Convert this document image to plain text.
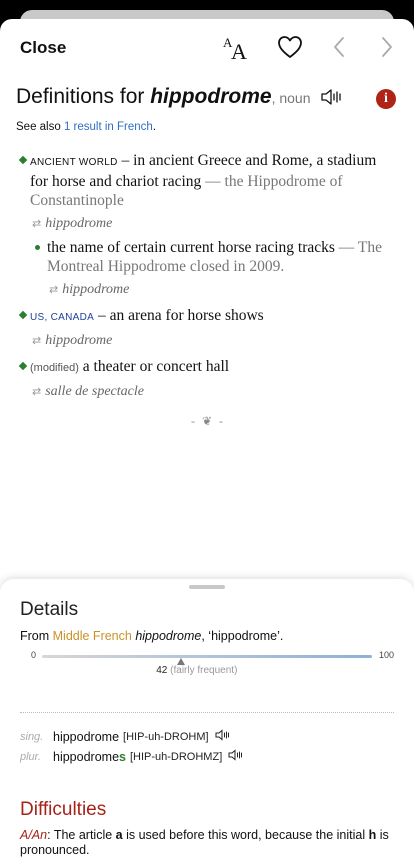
Close	A
A
Definitions for hippodrome, noun	i
See also 1 result in French.
ANCIENT WORLD – in ancient Greece and Rome, a stadium for horse and chariot racing — the Hippodrome of Constantinople
⇄ hippodrome
the name of certain current horse racing tracks — The Montreal Hippodrome closed in 2009.
⇄ hippodrome
US, CANADA – an arena for horse shows
⇄ hippodrome
(modified) a theater or concert hall
⇄ salle de spectacle
- ❦ -
Details
From Middle French hippodrome, ‘hippodrome’.
0	100
42 (fairly frequent)
sing. hippodrome [HIP-uh-DROHM]
plur. hippodromes [HIP-uh-DROHMZ]
Difficulties
A/An: The article a is used before this word, because the initial h is pronounced.
